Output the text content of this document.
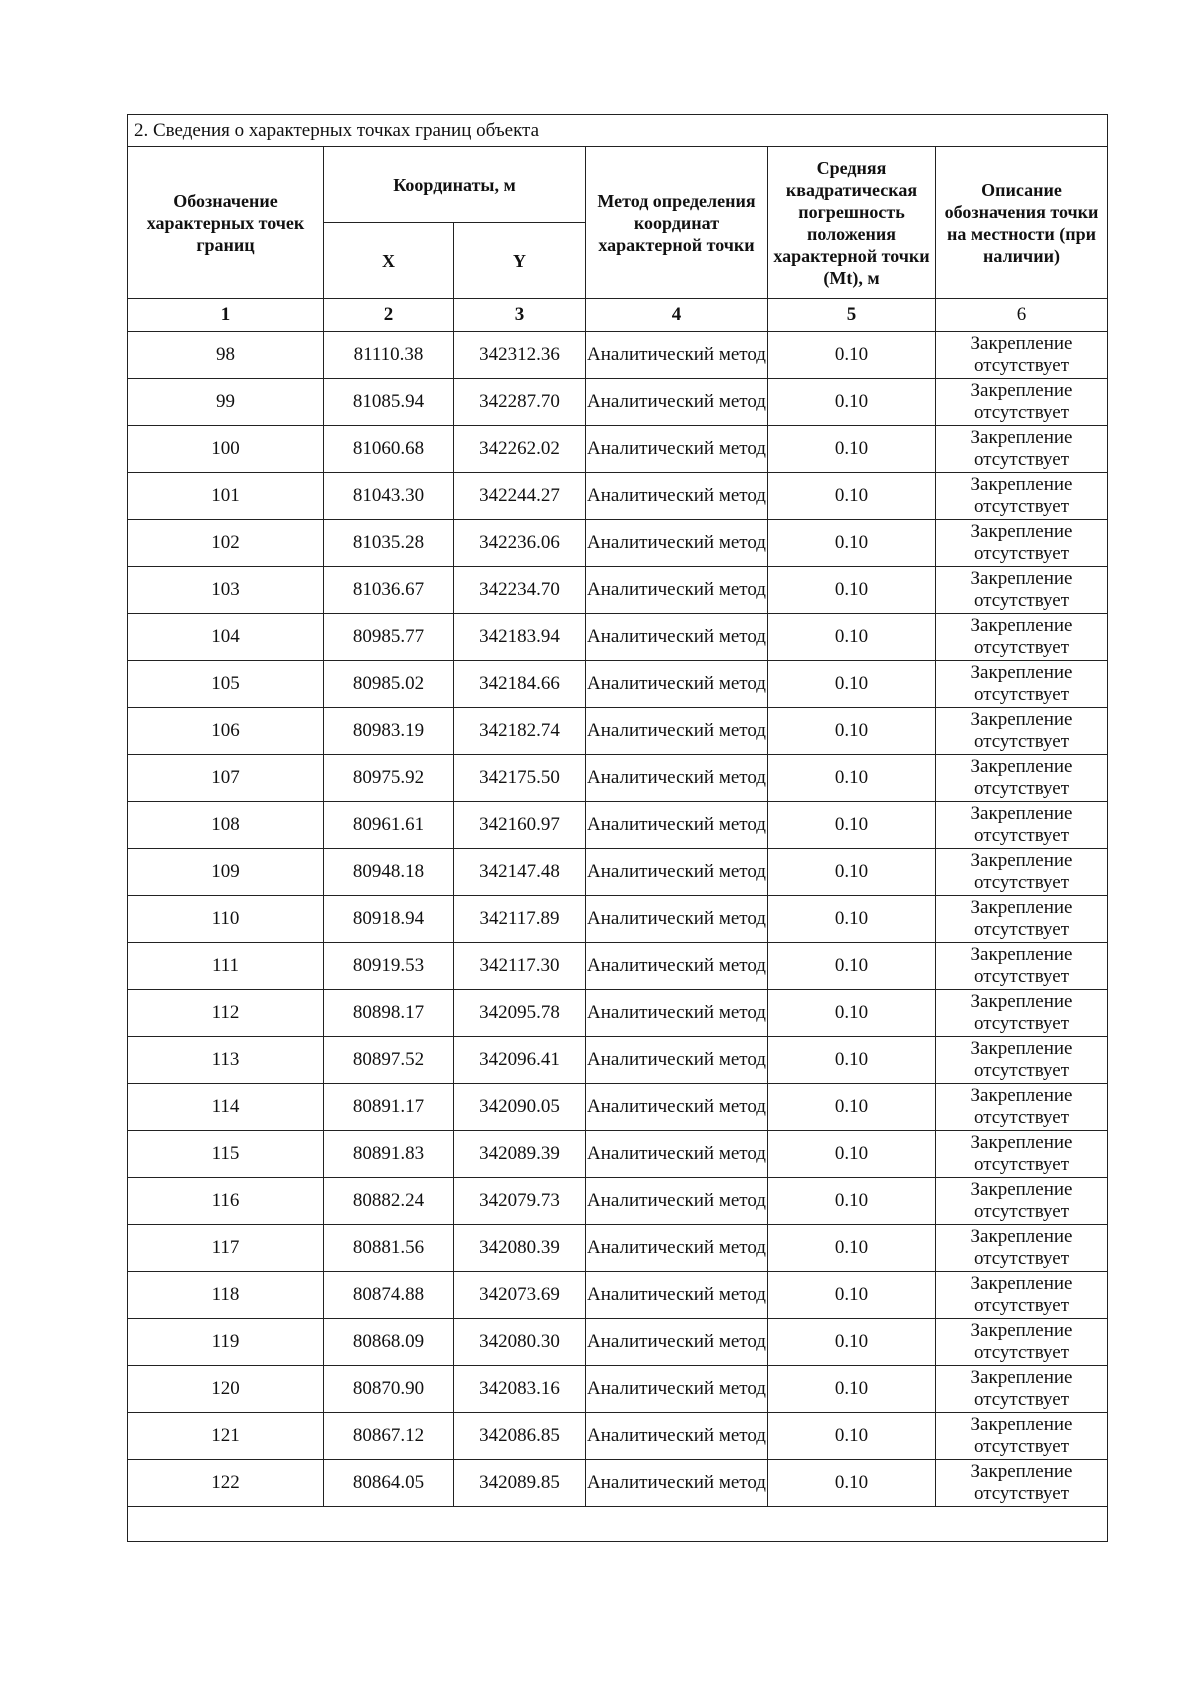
2. Сведения о характерных точках границ объекта					
Обозначение характерных точек границ	Координаты, м		Метод определения координат характерной точки	Средняя квадратическая погрешность положения характерной точки (Mt), м	Описание обозначения точки на местности (при наличии)
	X	Y			
1	2	3	4	5	6
98	81110.38	342312.36	Аналитический метод	0.10	Закрепление отсутствует
99	81085.94	342287.70	Аналитический метод	0.10	Закрепление отсутствует
100	81060.68	342262.02	Аналитический метод	0.10	Закрепление отсутствует
101	81043.30	342244.27	Аналитический метод	0.10	Закрепление отсутствует
102	81035.28	342236.06	Аналитический метод	0.10	Закрепление отсутствует
103	81036.67	342234.70	Аналитический метод	0.10	Закрепление отсутствует
104	80985.77	342183.94	Аналитический метод	0.10	Закрепление отсутствует
105	80985.02	342184.66	Аналитический метод	0.10	Закрепление отсутствует
106	80983.19	342182.74	Аналитический метод	0.10	Закрепление отсутствует
107	80975.92	342175.50	Аналитический метод	0.10	Закрепление отсутствует
108	80961.61	342160.97	Аналитический метод	0.10	Закрепление отсутствует
109	80948.18	342147.48	Аналитический метод	0.10	Закрепление отсутствует
110	80918.94	342117.89	Аналитический метод	0.10	Закрепление отсутствует
111	80919.53	342117.30	Аналитический метод	0.10	Закрепление отсутствует
112	80898.17	342095.78	Аналитический метод	0.10	Закрепление отсутствует
113	80897.52	342096.41	Аналитический метод	0.10	Закрепление отсутствует
114	80891.17	342090.05	Аналитический метод	0.10	Закрепление отсутствует
115	80891.83	342089.39	Аналитический метод	0.10	Закрепление отсутствует
116	80882.24	342079.73	Аналитический метод	0.10	Закрепление отсутствует
117	80881.56	342080.39	Аналитический метод	0.10	Закрепление отсутствует
118	80874.88	342073.69	Аналитический метод	0.10	Закрепление отсутствует
119	80868.09	342080.30	Аналитический метод	0.10	Закрепление отсутствует
120	80870.90	342083.16	Аналитический метод	0.10	Закрепление отсутствует
121	80867.12	342086.85	Аналитический метод	0.10	Закрепление отсутствует
122	80864.05	342089.85	Аналитический метод	0.10	Закрепление отсутствует
